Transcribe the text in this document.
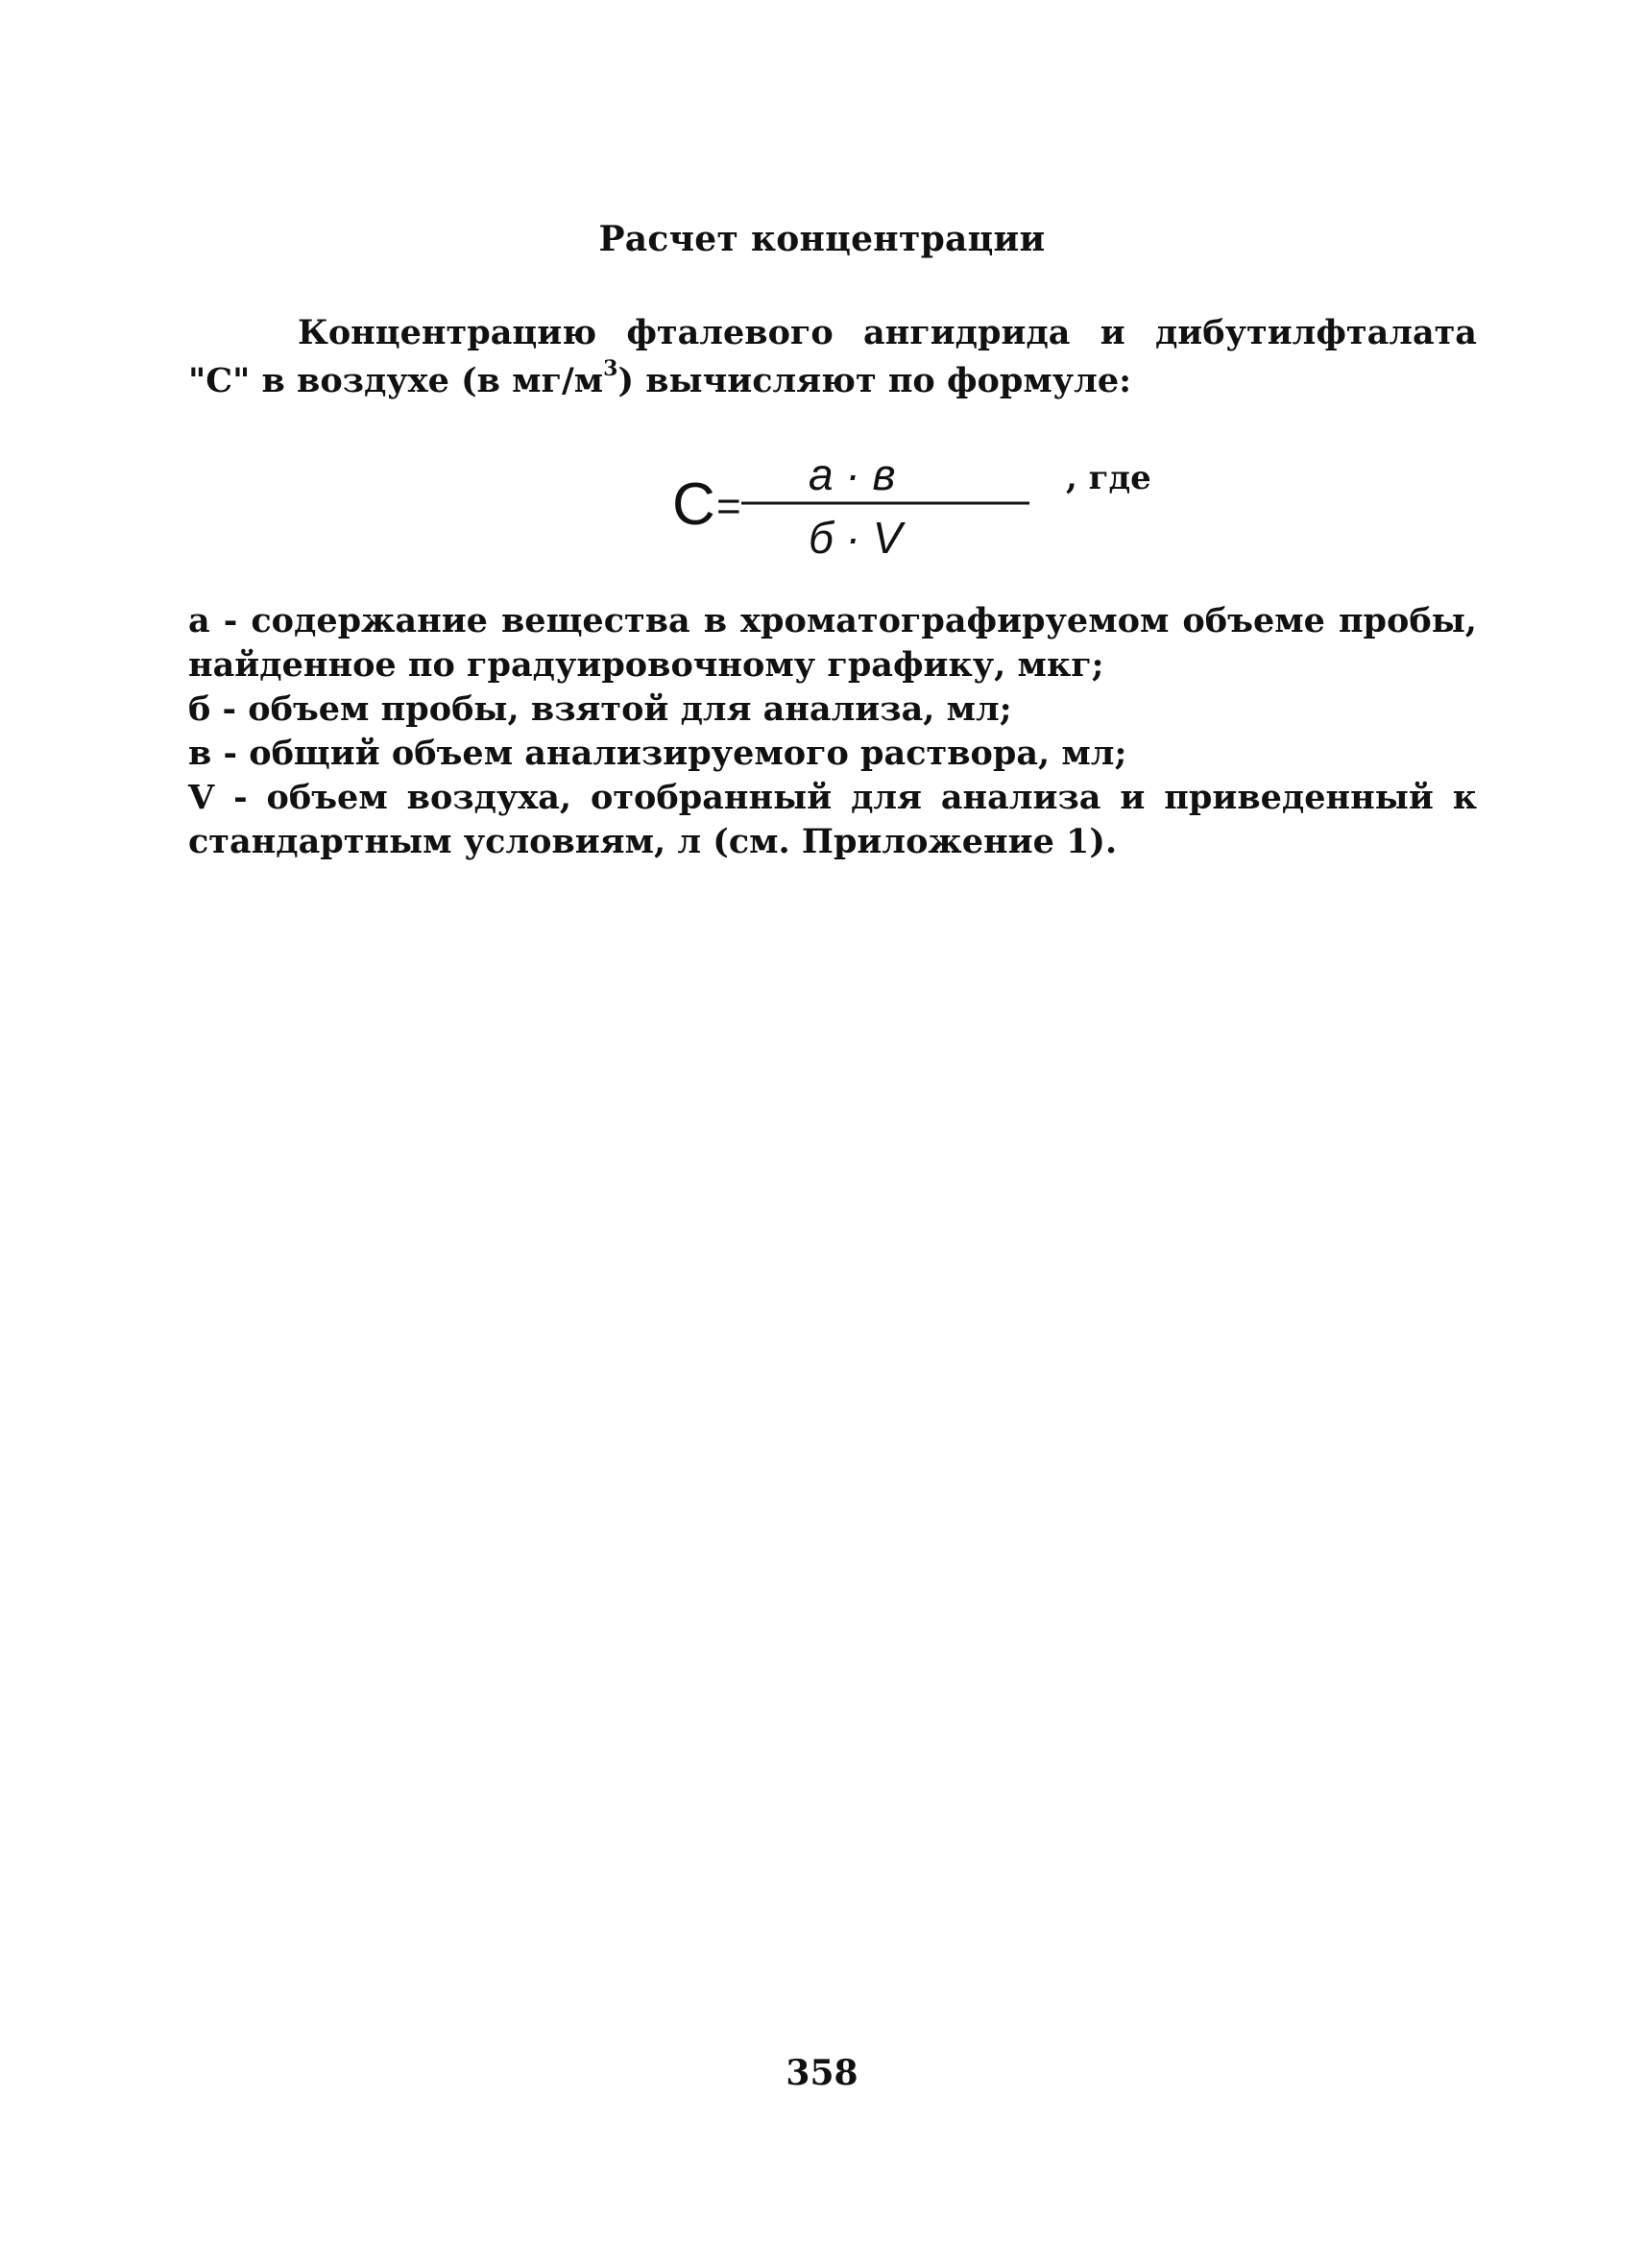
Расчет концентрации

Концентрацию фталевого ангидрида и дибутилфталата "С" в воздухе (в $мг/м^3$) вычисляют по формуле:

C =
а · в
б · V
, где

а - содержание вещества в хроматографируемом объеме пробы, найденное по градуировочному графику, мкг;

б - объем пробы, взятой для анализа, мл;

в - общий объем анализируемого раствора, мл;

V - объем воздуха, отобранный для анализа и приведенный к стандартным условиям, л (см. Приложение 1).

358
